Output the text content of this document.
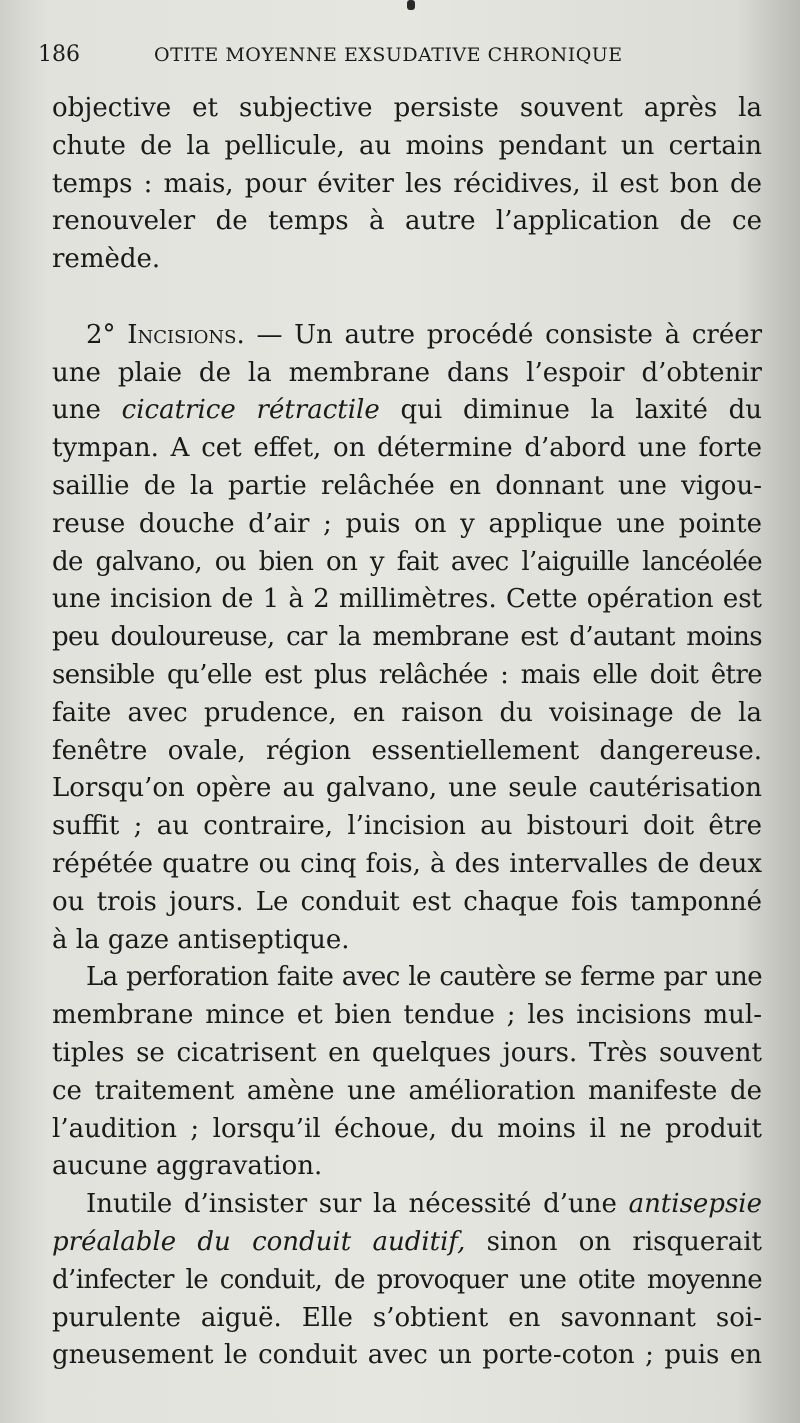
186	OTITE MOYENNE EXSUDATIVE CHRONIQUE
objective et subjective persiste souvent après la
chute de la pellicule, au moins pendant un certain
temps : mais, pour éviter les récidives, il est bon de
renouveler de temps à autre l’application de ce
remède.
2° Incisions. — Un autre procédé consiste à créer
une plaie de la membrane dans l’espoir d’obtenir
une cicatrice rétractile qui diminue la laxité du
tympan. A cet effet, on détermine d’abord une forte
saillie de la partie relâchée en donnant une vigou-
reuse douche d’air ; puis on y applique une pointe
de galvano, ou bien on y fait avec l’aiguille lancéolée
une incision de 1 à 2 millimètres. Cette opération est
peu douloureuse, car la membrane est d’autant moins
sensible qu’elle est plus relâchée : mais elle doit être
faite avec prudence, en raison du voisinage de la
fenêtre ovale, région essentiellement dangereuse.
Lorsqu’on opère au galvano, une seule cautérisation
suffit ; au contraire, l’incision au bistouri doit être
répétée quatre ou cinq fois, à des intervalles de deux
ou trois jours. Le conduit est chaque fois tamponné
à la gaze antiseptique.
La perforation faite avec le cautère se ferme par une
membrane mince et bien tendue ; les incisions mul-
tiples se cicatrisent en quelques jours. Très souvent
ce traitement amène une amélioration manifeste de
l’audition ; lorsqu’il échoue, du moins il ne produit
aucune aggravation.
Inutile d’insister sur la nécessité d’une antisepsie
préalable du conduit auditif, sinon on risquerait
d’infecter le conduit, de provoquer une otite moyenne
purulente aiguë. Elle s’obtient en savonnant soi-
gneusement le conduit avec un porte-coton ; puis en
